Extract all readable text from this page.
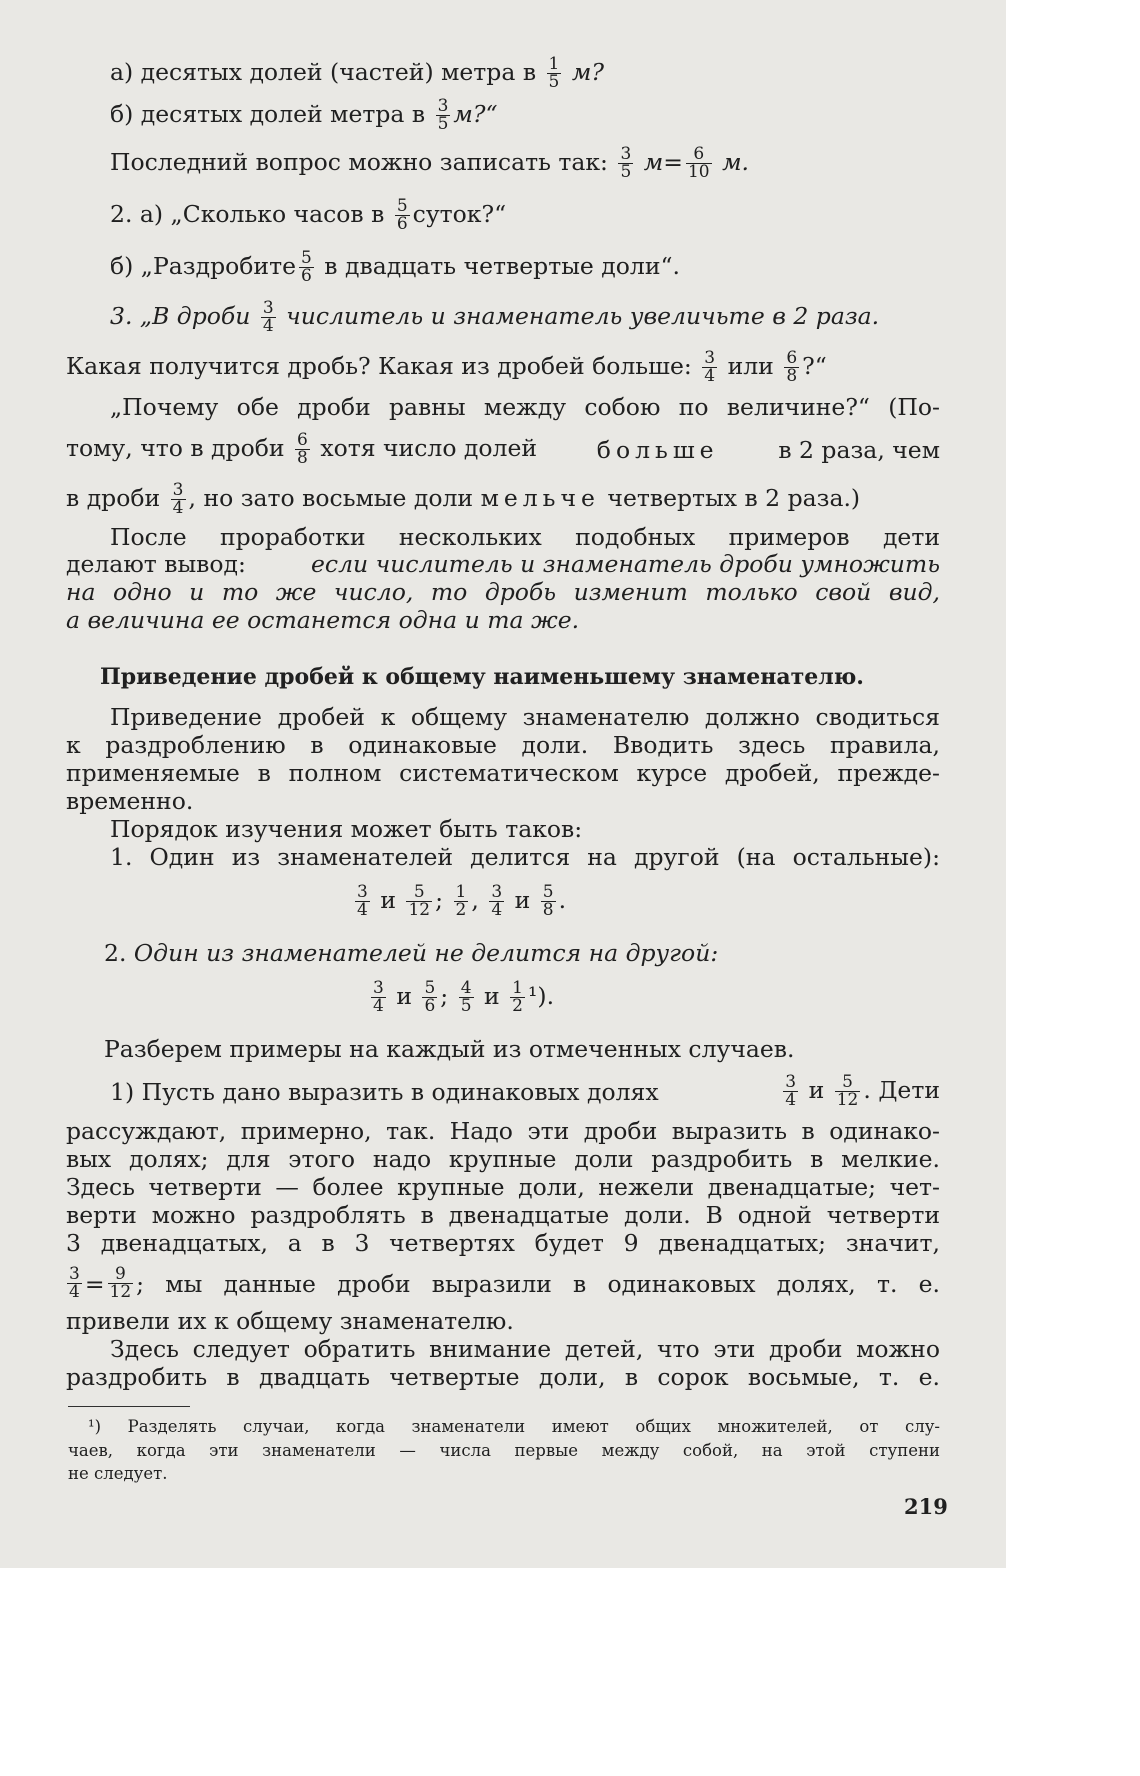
а) десятых долей (частей) метра в $\frac{1}{5} м$?
б) десятых долей метра в $\frac{3}{5}$ м?“
Последний вопрос можно записать так: $\frac{3}{5} м= \frac{6}{10} м$.
2. а) „Сколько часов в $\frac{5}{6}$ суток?“
б) „Раздробите $\frac{5}{6}$ в двадцать четвертые доли“.
3. „В дроби $\frac{3}{4}$ числитель и знаменатель увеличьте в 2 раза.
Какая получится дробь? Какая из дробей больше: $\frac{3}{4}$ или $\frac{6}{8}$ ?“
„Почему обе дроби равны между собою по величине?“ (По-
тому, что в дроби $\frac{6}{8}$ хотя число долей	больше	в 2 раза, чем
в дроби $\frac{3}{4}$ , но зато восьмые доли мельче четвертых в 2 раза.)
После проработки нескольких подобных примеров дети
делают вывод:	если числитель и знаменатель дроби умножить
на одно и то же число, то дробь изменит только свой вид,
а величина ее останется одна и та же.
Приведение дробей к общему наименьшему знаменателю.
Приведение дробей к общему знаменателю должно сводиться
к раздроблению в одинаковые доли. Вводить здесь правила,
применяемые в полном систематическом курсе дробей, прежде-
временно.
Порядок изучения может быть таков:
1. Один из знаменателей делится на другой (на остальные):
$\frac{3}{4}$ и $\frac{5}{12}$ ; $\frac{1}{2}$ , $\frac{3}{4}$ и $\frac{5}{8}$ .
2. Один из знаменателей не делится на другой:
$\frac{3}{4}$ и $\frac{5}{6}$ ; $\frac{4}{5}$ и $\frac{1}{2} ^1$).
Разберем примеры на каждый из отмеченных случаев.
1) Пусть дано выразить в одинаковых долях	$\frac{3}{4}$ и $\frac{5}{12}$ . Дети
рассуждают, примерно, так. Надо эти дроби выразить в одинако-
вых долях; для этого надо крупные доли раздробить в мелкие.
Здесь четверти — более крупные доли, нежели двенадцатые; чет-
верти можно раздроблять в двенадцатые доли. В одной четверти
3 двенадцатых, а в 3 четвертях будет 9 двенадцатых; значит,
$\frac{3}{4} = \frac{9}{12}$ ; мы данные дроби выразили в одинаковых долях, т. е.
привели их к общему знаменателю.
Здесь следует обратить внимание детей, что эти дроби можно
раздробить в двадцать четвертые доли, в сорок восьмые, т. е.
¹) Разделять случаи, когда знаменатели имеют общих множителей, от слу-
чаев, когда эти знаменатели — числа первые между собой, на этой ступени
не следует.
219
